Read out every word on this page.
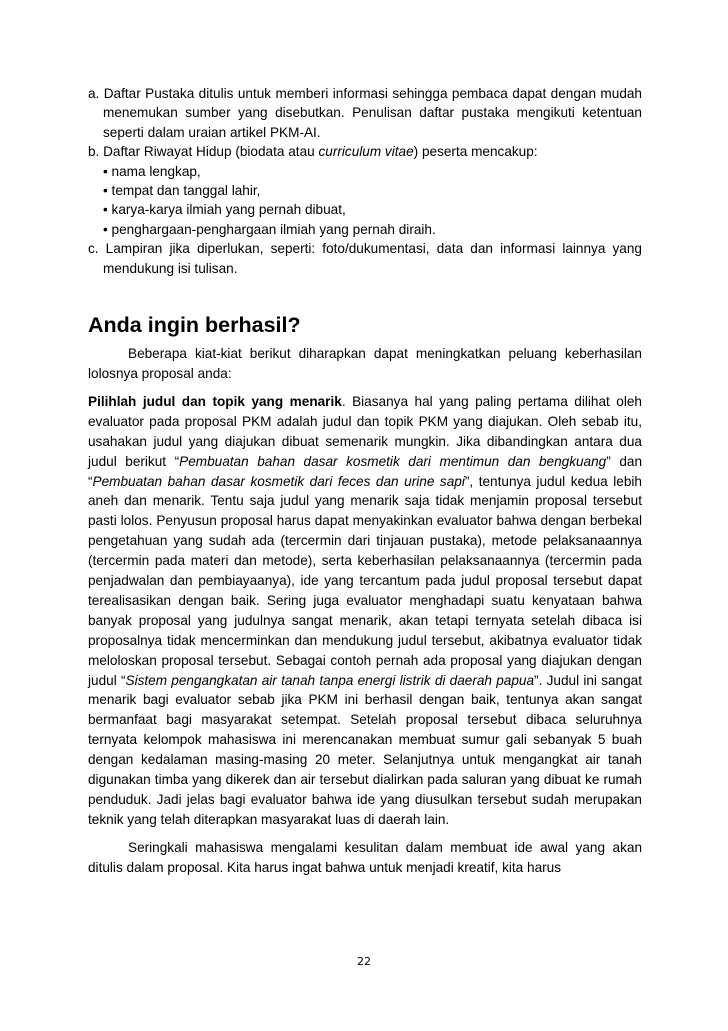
a. Daftar Pustaka ditulis untuk memberi informasi sehingga pembaca dapat dengan mudah menemukan sumber yang disebutkan. Penulisan daftar pustaka mengikuti ketentuan seperti dalam uraian artikel PKM-AI.
b. Daftar Riwayat Hidup (biodata atau curriculum vitae) peserta mencakup:
• nama lengkap,
• tempat dan tanggal lahir,
• karya-karya ilmiah yang pernah dibuat,
• penghargaan-penghargaan ilmiah yang pernah diraih.
c. Lampiran jika diperlukan, seperti: foto/dukumentasi, data dan informasi lainnya yang mendukung isi tulisan.
Anda ingin berhasil?

Beberapa kiat-kiat berikut diharapkan dapat meningkatkan peluang keberhasilan lolosnya proposal anda:

Pilihlah judul dan topik yang menarik. Biasanya hal yang paling pertama dilihat oleh evaluator pada proposal PKM adalah judul dan topik PKM yang diajukan. Oleh sebab itu, usahakan judul yang diajukan dibuat semenarik mungkin. Jika dibandingkan antara dua judul berikut “Pembuatan bahan dasar kosmetik dari mentimun dan bengkuang” dan “Pembuatan bahan dasar kosmetik dari feces dan urine sapi”, tentunya judul kedua lebih aneh dan menarik. Tentu saja judul yang menarik saja tidak menjamin proposal tersebut pasti lolos. Penyusun proposal harus dapat menyakinkan evaluator bahwa dengan berbekal pengetahuan yang sudah ada (tercermin dari tinjauan pustaka), metode pelaksanaannya (tercermin pada materi dan metode), serta keberhasilan pelaksanaannya (tercermin pada penjadwalan dan pembiayaanya), ide yang tercantum pada judul proposal tersebut dapat terealisasikan dengan baik. Sering juga evaluator menghadapi suatu kenyataan bahwa banyak proposal yang judulnya sangat menarik, akan tetapi ternyata setelah dibaca isi proposalnya tidak mencerminkan dan mendukung judul tersebut, akibatnya evaluator tidak meloloskan proposal tersebut. Sebagai contoh pernah ada proposal yang diajukan dengan judul “Sistem pengangkatan air tanah tanpa energi listrik di daerah papua”. Judul ini sangat menarik bagi evaluator sebab jika PKM ini berhasil dengan baik, tentunya akan sangat bermanfaat bagi masyarakat setempat. Setelah proposal tersebut dibaca seluruhnya ternyata kelompok mahasiswa ini merencanakan membuat sumur gali sebanyak 5 buah dengan kedalaman masing-masing 20 meter. Selanjutnya untuk mengangkat air tanah digunakan timba yang dikerek dan air tersebut dialirkan pada saluran yang dibuat ke rumah penduduk. Jadi jelas bagi evaluator bahwa ide yang diusulkan tersebut sudah merupakan teknik yang telah diterapkan masyarakat luas di daerah lain.

Seringkali mahasiswa mengalami kesulitan dalam membuat ide awal yang akan ditulis dalam proposal. Kita harus ingat bahwa untuk menjadi kreatif, kita harus

22
